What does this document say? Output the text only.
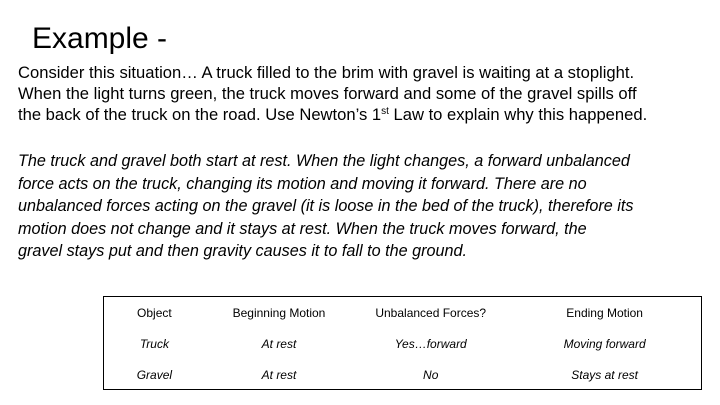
Example -
Consider this situation… A truck filled to the brim with gravel is waiting at a stoplight.
When the light turns green, the truck moves forward and some of the gravel spills off
the back of the truck on the road. Use Newton’s 1st Law to explain why this happened.
The truck and gravel both start at rest. When the light changes, a forward unbalanced
force acts on the truck, changing its motion and moving it forward. There are no
unbalanced forces acting on the gravel (it is loose in the bed of the truck), therefore its
motion does not change and it stays at rest. When the truck moves forward, the
gravel stays put and then gravity causes it to fall to the ground.
Object	Beginning Motion	Unbalanced Forces?	Ending Motion
Truck	At rest	Yes…forward	Moving forward
Gravel	At rest	No	Stays at rest
